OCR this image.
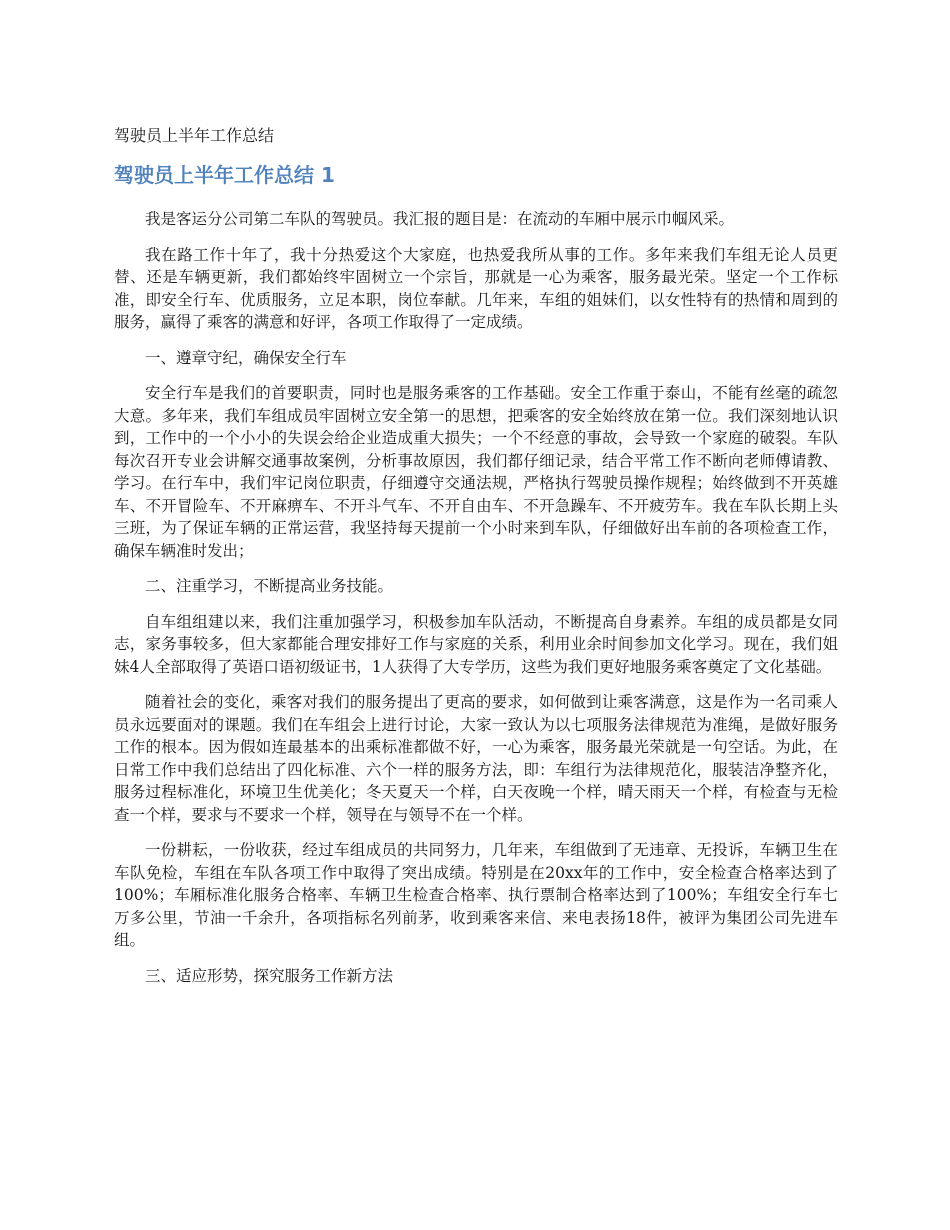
驾驶员上半年工作总结
驾驶员上半年工作总结 1

我是客运分公司第二车队的驾驶员。我汇报的题目是：在流动的车厢中展示巾帼风采。

我在路工作十年了，我十分热爱这个大家庭，也热爱我所从事的工作。多年来我们车组无论人员更替、还是车辆更新，我们都始终牢固树立一个宗旨，那就是一心为乘客，服务最光荣。坚定一个工作标准，即安全行车、优质服务，立足本职，岗位奉献。几年来，车组的姐妹们，以女性特有的热情和周到的服务，赢得了乘客的满意和好评，各项工作取得了一定成绩。

一、遵章守纪，确保安全行车

安全行车是我们的首要职责，同时也是服务乘客的工作基础。安全工作重于泰山，不能有丝毫的疏忽大意。多年来，我们车组成员牢固树立安全第一的思想，把乘客的安全始终放在第一位。我们深刻地认识到，工作中的一个小小的失误会给企业造成重大损失；一个不经意的事故，会导致一个家庭的破裂。车队每次召开专业会讲解交通事故案例，分析事故原因，我们都仔细记录，结合平常工作不断向老师傅请教、学习。在行车中，我们牢记岗位职责，仔细遵守交通法规，严格执行驾驶员操作规程；始终做到不开英雄车、不开冒险车、不开麻痹车、不开斗气车、不开自由车、不开急躁车、不开疲劳车。我在车队长期上头三班，为了保证车辆的正常运营，我坚持每天提前一个小时来到车队，仔细做好出车前的各项检查工作，确保车辆准时发出；

二、注重学习，不断提高业务技能。

自车组组建以来，我们注重加强学习，积极参加车队活动，不断提高自身素养。车组的成员都是女同志，家务事较多，但大家都能合理安排好工作与家庭的关系，利用业余时间参加文化学习。现在，我们姐妹4人全部取得了英语口语初级证书，1人获得了大专学历，这些为我们更好地服务乘客奠定了文化基础。

随着社会的变化，乘客对我们的服务提出了更高的要求，如何做到让乘客满意，这是作为一名司乘人员永远要面对的课题。我们在车组会上进行讨论，大家一致认为以七项服务法律规范为准绳，是做好服务工作的根本。因为假如连最基本的出乘标准都做不好，一心为乘客，服务最光荣就是一句空话。为此，在日常工作中我们总结出了四化标准、六个一样的服务方法，即：车组行为法律规范化，服装洁净整齐化，服务过程标准化，环境卫生优美化；冬天夏天一个样，白天夜晚一个样，晴天雨天一个样，有检查与无检查一个样，要求与不要求一个样，领导在与领导不在一个样。

一份耕耘，一份收获，经过车组成员的共同努力，几年来，车组做到了无违章、无投诉，车辆卫生在车队免检，车组在车队各项工作中取得了突出成绩。特别是在20xx年的工作中，安全检查合格率达到了100%；车厢标准化服务合格率、车辆卫生检查合格率、执行票制合格率达到了100%；车组安全行车七万多公里，节油一千余升，各项指标名列前茅，收到乘客来信、来电表扬18件，被评为集团公司先进车组。

三、适应形势，探究服务工作新方法
